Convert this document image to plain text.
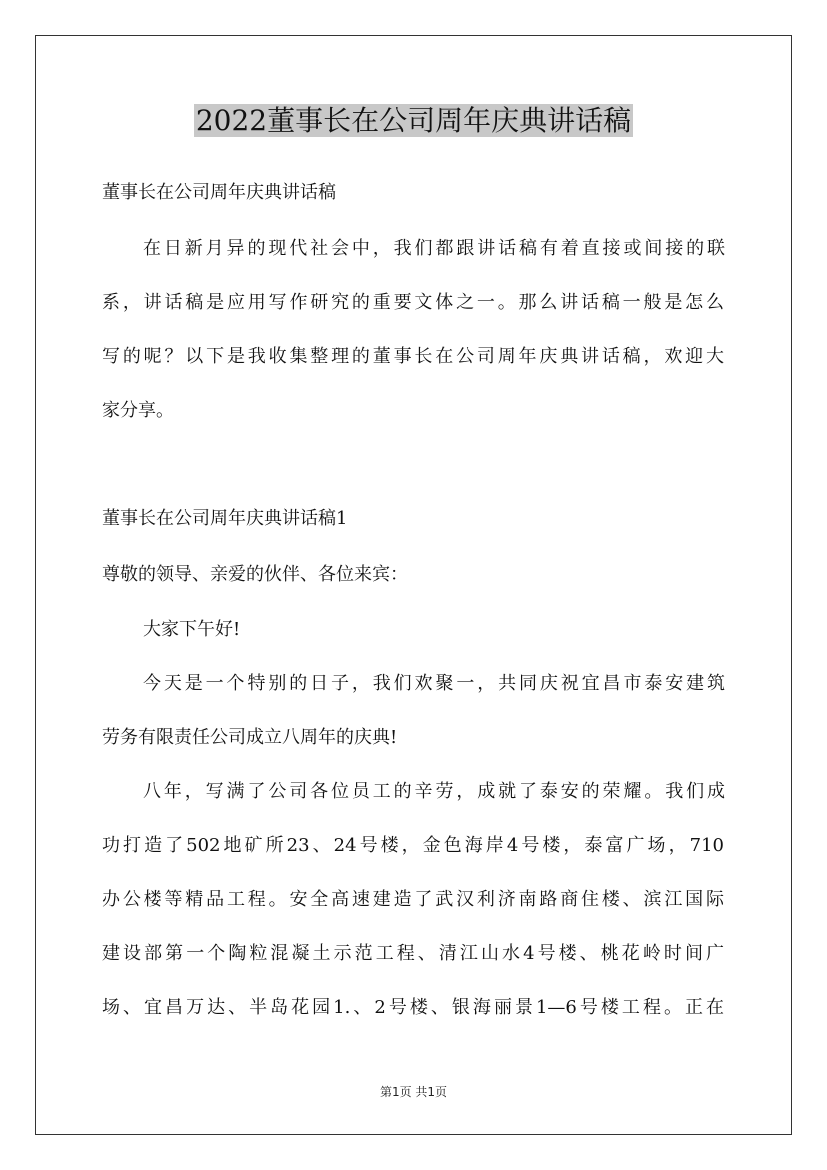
2022董事长在公司周年庆典讲话稿
董事长在公司周年庆典讲话稿
在日新月异的现代社会中，我们都跟讲话稿有着直接或间接的联
系，讲话稿是应用写作研究的重要文体之一。那么讲话稿一般是怎么
写的呢？以下是我收集整理的董事长在公司周年庆典讲话稿，欢迎大
家分享。
董事长在公司周年庆典讲话稿1
尊敬的领导、亲爱的伙伴、各位来宾：
大家下午好!
今天是一个特别的日子，我们欢聚一，共同庆祝宜昌市泰安建筑
劳务有限责任公司成立八周年的庆典!
八年，写满了公司各位员工的辛劳，成就了泰安的荣耀。我们成
功打造了502地矿所23、24号楼，金色海岸4号楼，泰富广场，710
办公楼等精品工程。安全高速建造了武汉利济南路商住楼、滨江国际
建设部第一个陶粒混凝土示范工程、清江山水4号楼、桃花岭时间广
场、宜昌万达、半岛花园1.、2号楼、银海丽景1—6号楼工程。正在
第1页 共1页
